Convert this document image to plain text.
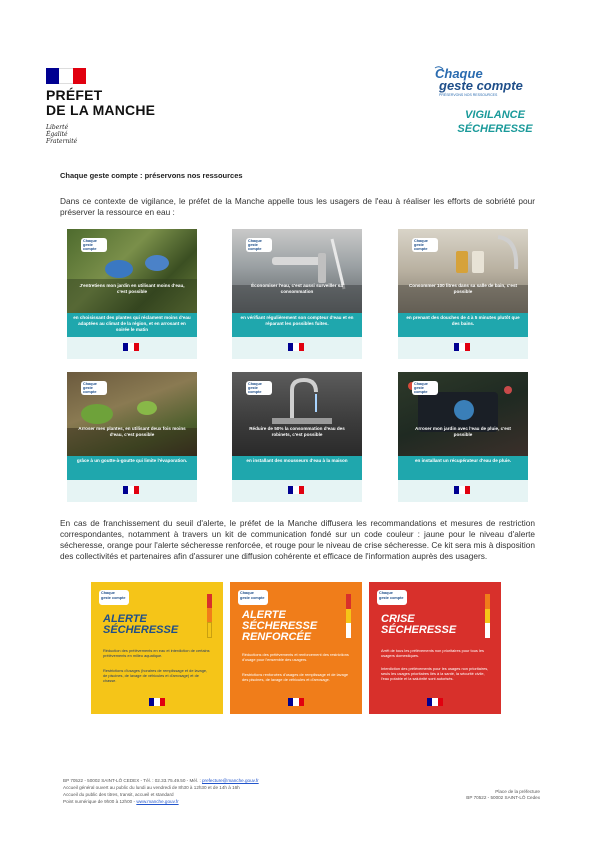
PRÉFET
DE LA MANCHE
Liberté
Égalité
Fraternité
Chaque
geste compte
PRÉSERVONS NOS RESSOURCES
VIGILANCE
SÉCHERESSE
Chaque geste compte : préservons nos ressources
Dans ce contexte de vigilance, le préfet de la Manche appelle tous les usagers de l'eau à réaliser les efforts de sobriété pour préserver la ressource en eau :
Chaque
geste compte
J'entretiens mon jardin en utilisant moins d'eau, c'est possible
en choisissant des plantes qui réclament moins d'eau adaptées au climat de la région, et en arrosant en soirée le matin
Chaque
geste compte
Économiser l'eau, c'est aussi surveiller sa consommation
en vérifiant régulièrement son compteur d'eau et en réparant les possibles fuites.
Chaque
geste compte
Consommer 100 litres dans sa salle de bain, c'est possible
en prenant des douches de 4 à 5 minutes plutôt que des bains.
Chaque
geste compte
Arroser mes plantes, en utilisant deux fois moins d'eau, c'est possible
grâce à un goutte-à-goutte qui limite l'évaporation.
Chaque
geste compte
Réduire de 50% la consommation d'eau des robinets, c'est possible
en installant des mousseurs d'eau à la maison
Chaque
geste compte
Arroser mon jardin avec l'eau de pluie, c'est possible
en installant un récupérateur d'eau de pluie.
En cas de franchissement du seuil d'alerte, le préfet de la Manche diffusera les recommandations et mesures de restriction correspondantes, notamment à travers un kit de communication fondé sur un code couleur : jaune pour le niveau d'alerte sécheresse, orange pour l'alerte sécheresse renforcée, et rouge pour le niveau de crise sécheresse. Ce kit sera mis à disposition des collectivités et partenaires afin d'assurer une diffusion cohérente et efficace de l'information auprès des usagers.
Chaque
geste compte
ALERTE
SÉCHERESSE
Réduction des prélèvements en eau et interdiction de certains prélèvements en milieu aquatique.
Restrictions d'usages (horaires de remplissage et de lavage, de piscines, de lavage de véhicules et d'arrosage) et de chasse.
Chaque
geste compte
ALERTE
SÉCHERESSE
RENFORCÉE
Réductions des prélèvements et renforcement des restrictions d'usage pour l'ensemble des usagers.
Restrictions renforcées d'usages de remplissage et de lavage des piscines, de lavage de véhicules et d'arrosage.
Chaque
geste compte
CRISE
SÉCHERESSE
Arrêt de tous les prélèvements non prioritaires pour tous les usagers domestiques.
Interdiction des prélèvements pour les usages non prioritaires, seuls les usages prioritaires liés à la santé, la sécurité civile, l'eau potable et la salubrité sont autorisés.
BP 70522 - 50002 SAINT-LÔ CEDEX - Tél. : 02.33.75.49.50 - Mél. : prefecture@manche.gouv.fr
Accueil général ouvert au public du lundi au vendredi de 8h30 à 12h30 et de 14h à 16h
Accueil du public des titres, transit, accueil et standard
Point numérique de 9h00 à 12h00 - www.manche.gouv.fr
Place de la préfecture
BP 70522 - 50002 SAINT-LÔ Cedex
